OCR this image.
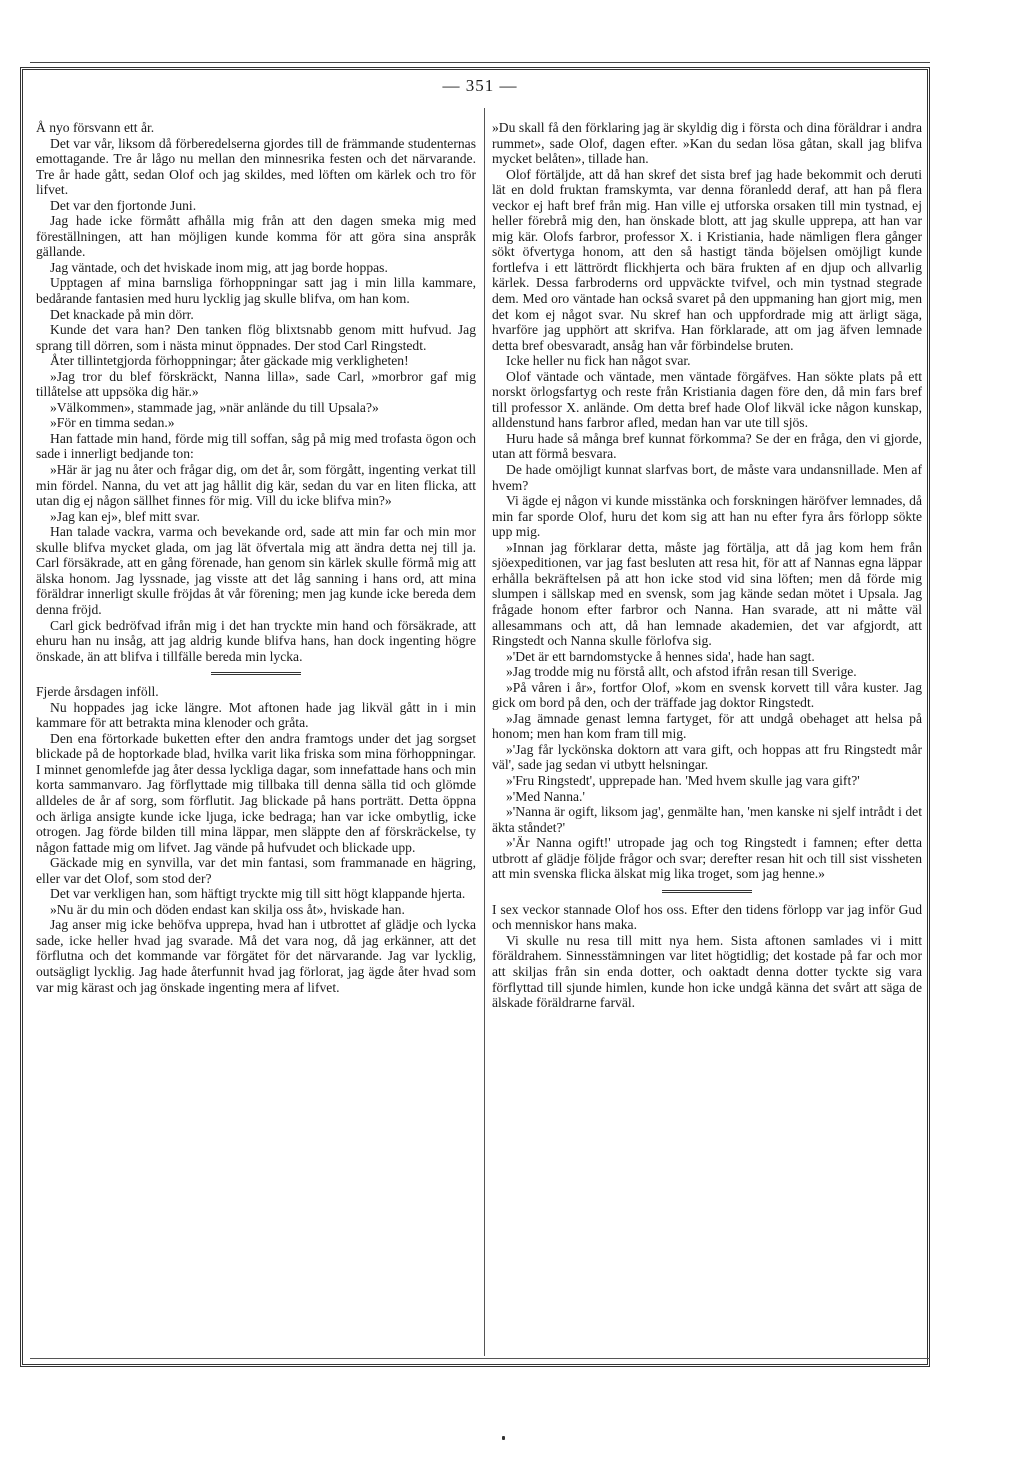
— 351 —

Å nyo försvann ett år.

Det var vår, liksom då förberedelserna gjordes till de främmande studenternas emottagande. Tre år lågo nu mellan den minnesrika festen och det närvarande. Tre år hade gått, sedan Olof och jag skildes, med löften om kärlek och tro för lifvet.

Det var den fjortonde Juni.

Jag hade icke förmått afhålla mig från att den dagen smeka mig med föreställningen, att han möjligen kunde komma för att göra sina anspråk gällande.

Jag väntade, och det hviskade inom mig, att jag borde hoppas.

Upptagen af mina barnsliga förhoppningar satt jag i min lilla kammare, bedårande fantasien med huru lycklig jag skulle blifva, om han kom.

Det knackade på min dörr.

Kunde det vara han? Den tanken flög blixtsnabb genom mitt hufvud. Jag sprang till dörren, som i nästa minut öppnades. Der stod Carl Ringstedt.

Åter tillintetgjorda förhoppningar; åter gäckade mig verkligheten!

»Jag tror du blef förskräckt, Nanna lilla», sade Carl, »morbror gaf mig tillåtelse att uppsöka dig här.»

»Välkommen», stammade jag, »när anlände du till Upsala?»

»För en timma sedan.»

Han fattade min hand, förde mig till soffan, såg på mig med trofasta ögon och sade i innerligt bedjande ton:

»Här är jag nu åter och frågar dig, om det år, som förgått, ingenting verkat till min fördel. Nanna, du vet att jag hållit dig kär, sedan du var en liten flicka, att utan dig ej någon sällhet finnes för mig. Vill du icke blifva min?»

»Jag kan ej», blef mitt svar.

Han talade vackra, varma och bevekande ord, sade att min far och min mor skulle blifva mycket glada, om jag lät öfvertala mig att ändra detta nej till ja. Carl försäkrade, att en gång förenade, han genom sin kärlek skulle förmå mig att älska honom. Jag lyssnade, jag visste att det låg sanning i hans ord, att mina föräldrar innerligt skulle fröjdas åt vår förening; men jag kunde icke bereda dem denna fröjd.

Carl gick bedröfvad ifrån mig i det han tryckte min hand och försäkrade, att ehuru han nu insåg, att jag aldrig kunde blifva hans, han dock ingenting högre önskade, än att blifva i tillfälle bereda min lycka.

Fjerde årsdagen inföll.

Nu hoppades jag icke längre. Mot aftonen hade jag likväl gått in i min kammare för att betrakta mina klenoder och gråta.

Den ena förtorkade buketten efter den andra framtogs under det jag sorgset blickade på de hoptorkade blad, hvilka varit lika friska som mina förhoppningar. I minnet genomlefde jag åter dessa lyckliga dagar, som innefattade hans och min korta sammanvaro. Jag förflyttade mig tillbaka till denna sälla tid och glömde alldeles de år af sorg, som förflutit. Jag blickade på hans porträtt. Detta öppna och ärliga ansigte kunde icke ljuga, icke bedraga; han var icke ombytlig, icke otrogen. Jag förde bilden till mina läppar, men släppte den af förskräckelse, ty någon fattade mig om lifvet. Jag vände på hufvudet och blickade upp.

Gäckade mig en synvilla, var det min fantasi, som frammanade en hägring, eller var det Olof, som stod der?

Det var verkligen han, som häftigt tryckte mig till sitt högt klappande hjerta.

»Nu är du min och döden endast kan skilja oss åt», hviskade han.

Jag anser mig icke behöfva upprepa, hvad han i utbrottet af glädje och lycka sade, icke heller hvad jag svarade. Må det vara nog, då jag erkänner, att det förflutna och det kommande var förgätet för det närvarande. Jag var lycklig, outsägligt lycklig. Jag hade återfunnit hvad jag förlorat, jag ägde åter hvad som var mig kärast och jag önskade ingenting mera af lifvet.

»Du skall få den förklaring jag är skyldig dig i första och dina föräldrar i andra rummet», sade Olof, dagen efter. »Kan du sedan lösa gåtan, skall jag blifva mycket belåten», tillade han.

Olof förtäljde, att då han skref det sista bref jag hade bekommit och deruti lät en dold fruktan framskymta, var denna föranledd deraf, att han på flera veckor ej haft bref från mig. Han ville ej utforska orsaken till min tystnad, ej heller förebrå mig den, han önskade blott, att jag skulle upprepa, att han var mig kär. Olofs farbror, professor X. i Kristiania, hade nämligen flera gånger sökt öfvertyga honom, att den så hastigt tända böjelsen omöjligt kunde fortlefva i ett lättrördt flickhjerta och bära frukten af en djup och allvarlig kärlek. Dessa farbroderns ord uppväckte tvifvel, och min tystnad stegrade dem. Med oro väntade han också svaret på den uppmaning han gjort mig, men det kom ej något svar. Nu skref han och uppfordrade mig att ärligt säga, hvarföre jag upphört att skrifva. Han förklarade, att om jag äfven lemnade detta bref obesvaradt, ansåg han vår förbindelse bruten.

Icke heller nu fick han något svar.

Olof väntade och väntade, men väntade förgäfves. Han sökte plats på ett norskt örlogsfartyg och reste från Kristiania dagen före den, då min fars bref till professor X. anlände. Om detta bref hade Olof likväl icke någon kunskap, alldenstund hans farbror afled, medan han var ute till sjös.

Huru hade så många bref kunnat förkomma? Se der en fråga, den vi gjorde, utan att förmå besvara.

De hade omöjligt kunnat slarfvas bort, de måste vara undansnillade. Men af hvem?

Vi ägde ej någon vi kunde misstänka och forskningen häröfver lemnades, då min far sporde Olof, huru det kom sig att han nu efter fyra års förlopp sökte upp mig.

»Innan jag förklarar detta, måste jag förtälja, att då jag kom hem från sjöexpeditionen, var jag fast besluten att resa hit, för att af Nannas egna läppar erhålla bekräftelsen på att hon icke stod vid sina löften; men då förde mig slumpen i sällskap med en svensk, som jag kände sedan mötet i Upsala. Jag frågade honom efter farbror och Nanna. Han svarade, att ni måtte väl allesammans och att, då han lemnade akademien, det var afgjordt, att Ringstedt och Nanna skulle förlofva sig.

»'Det är ett barndomstycke å hennes sida', hade han sagt.

»Jag trodde mig nu förstå allt, och afstod ifrån resan till Sverige.

»På våren i år», fortfor Olof, »kom en svensk korvett till våra kuster. Jag gick om bord på den, och der träffade jag doktor Ringstedt.

»Jag ämnade genast lemna fartyget, för att undgå obehaget att helsa på honom; men han kom fram till mig.

»'Jag får lyckönska doktorn att vara gift, och hoppas att fru Ringstedt mår väl', sade jag sedan vi utbytt helsningar.

»'Fru Ringstedt', upprepade han. 'Med hvem skulle jag vara gift?'

»'Med Nanna.'

»'Nanna är ogift, liksom jag', genmälte han, 'men kanske ni sjelf intrådt i det äkta ståndet?'

»'Är Nanna ogift!' utropade jag och tog Ringstedt i famnen; efter detta utbrott af glädje följde frågor och svar; derefter resan hit och till sist vissheten att min svenska flicka älskat mig lika troget, som jag henne.»

I sex veckor stannade Olof hos oss. Efter den tidens förlopp var jag inför Gud och menniskor hans maka.

Vi skulle nu resa till mitt nya hem. Sista aftonen samlades vi i mitt föräldrahem. Sinnesstämningen var litet högtidlig; det kostade på far och mor att skiljas från sin enda dotter, och oaktadt denna dotter tyckte sig vara förflyttad till sjunde himlen, kunde hon icke undgå känna det svårt att säga de älskade föräldrarne farväl.
